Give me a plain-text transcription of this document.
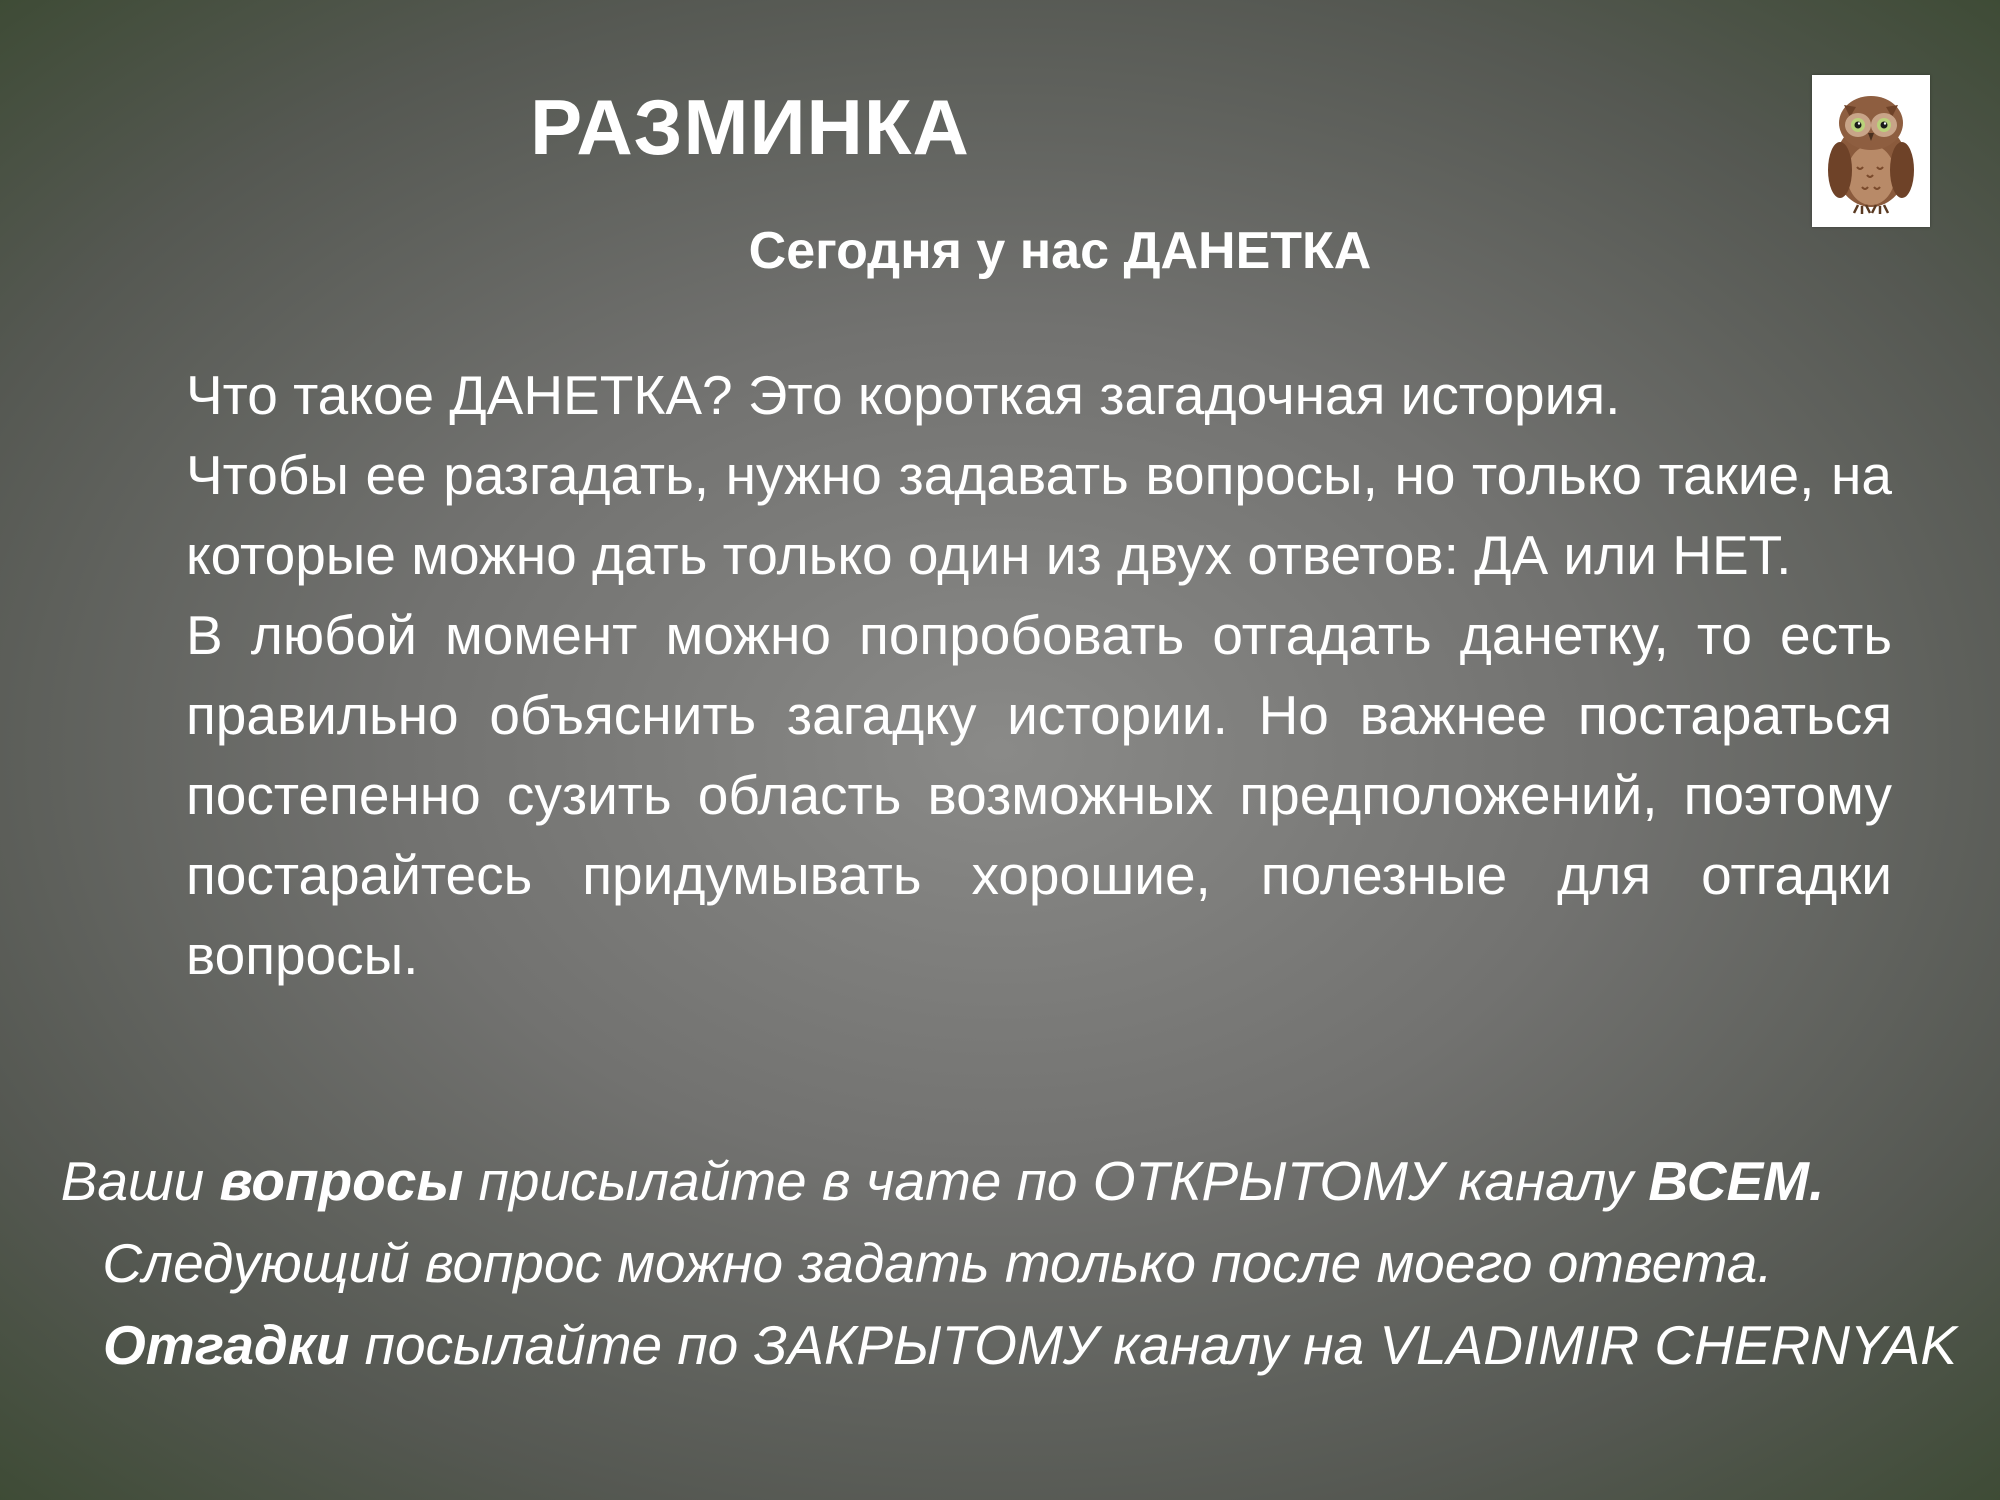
РАЗМИНКА
Сегодня у нас ДАНЕТКА

Что такое ДАНЕТКА? Это короткая загадочная история.

Чтобы ее разгадать, нужно задавать вопросы, но только такие, на которые можно дать только один из двух ответов: ДА или НЕТ.

В любой момент можно попробовать отгадать данетку, то есть правильно объяснить загадку истории. Но важнее постараться постепенно сузить область возможных предположений, поэтому постарайтесь придумывать хорошие, полезные для отгадки вопросы.

Ваши вопросы присылайте в чате по ОТКРЫТОМУ каналу ВСЕМ.
Следующий вопрос можно задать только после моего ответа.
Отгадки посылайте по ЗАКРЫТОМУ каналу на VLADIMIR CHERNYAK
